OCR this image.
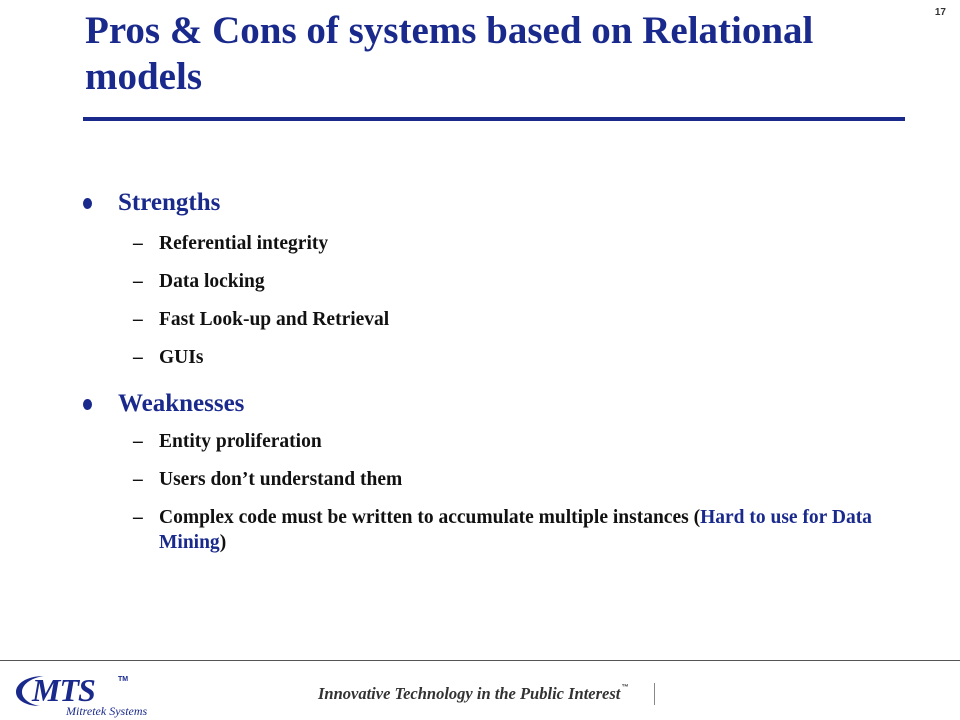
17
Pros & Cons of systems based on Relational models
Strengths
– Referential integrity
– Data locking
– Fast Look-up and Retrieval
– GUIs
Weaknesses
– Entity proliferation
– Users don’t understand them
– Complex code must be written to accumulate multiple instances (Hard to use for Data Mining)
MTS	TM
Mitretek Systems
Innovative Technology in the Public Interest™
